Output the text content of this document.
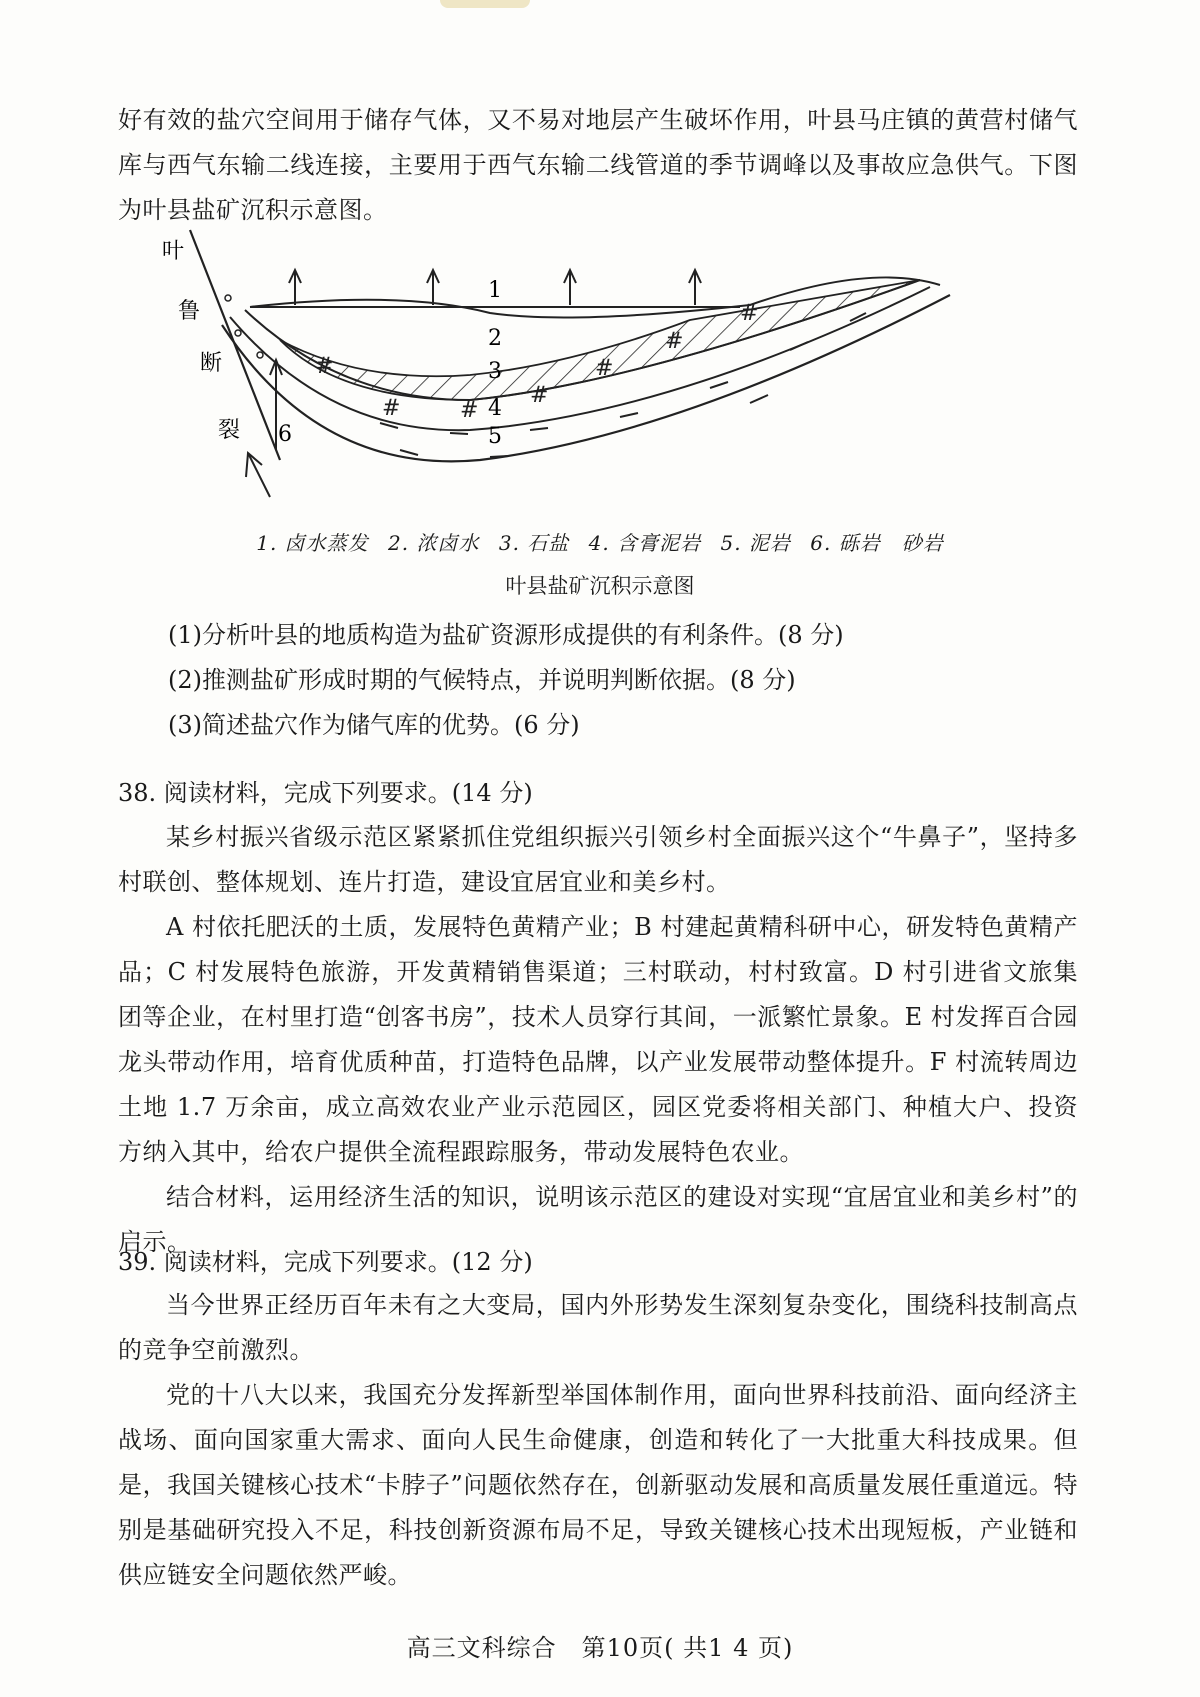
好有效的盐穴空间用于储存气体，又不易对地层产生破坏作用，叶县马庄镇的黄营村储气库与西气东输二线连接，主要用于西气东输二线管道的季节调峰以及事故应急供气。下图为叶县盐矿沉积示意图。

#
#	#
#
#
#
#
叶
鲁
断
裂
1
2
3
4
5
6
1. 卤水蒸发 2. 浓卤水 3. 石盐 4. 含膏泥岩 5. 泥岩 6. 砾岩　砂岩
叶县盐矿沉积示意图

(1)分析叶县的地质构造为盐矿资源形成提供的有利条件。(8 分)

(2)推测盐矿形成时期的气候特点，并说明判断依据。(8 分)

(3)简述盐穴作为储气库的优势。(6 分)

38. 阅读材料，完成下列要求。(14 分)

某乡村振兴省级示范区紧紧抓住党组织振兴引领乡村全面振兴这个“牛鼻子”，坚持多村联创、整体规划、连片打造，建设宜居宜业和美乡村。

A 村依托肥沃的土质，发展特色黄精产业；B 村建起黄精科研中心，研发特色黄精产品；C 村发展特色旅游，开发黄精销售渠道；三村联动，村村致富。D 村引进省文旅集团等企业，在村里打造“创客书房”，技术人员穿行其间，一派繁忙景象。E 村发挥百合园龙头带动作用，培育优质种苗，打造特色品牌，以产业发展带动整体提升。F 村流转周边土地 1.7 万余亩，成立高效农业产业示范园区，园区党委将相关部门、种植大户、投资方纳入其中，给农户提供全流程跟踪服务，带动发展特色农业。

结合材料，运用经济生活的知识，说明该示范区的建设对实现“宜居宜业和美乡村”的启示。

39. 阅读材料，完成下列要求。(12 分)

当今世界正经历百年未有之大变局，国内外形势发生深刻复杂变化，围绕科技制高点的竞争空前激烈。

党的十八大以来，我国充分发挥新型举国体制作用，面向世界科技前沿、面向经济主战场、面向国家重大需求、面向人民生命健康，创造和转化了一大批重大科技成果。但是，我国关键核心技术“卡脖子”问题依然存在，创新驱动发展和高质量发展任重道远。特别是基础研究投入不足，科技创新资源布局不足，导致关键核心技术出现短板，产业链和供应链安全问题依然严峻。

高三文科综合　第10页( 共1 4 页)
